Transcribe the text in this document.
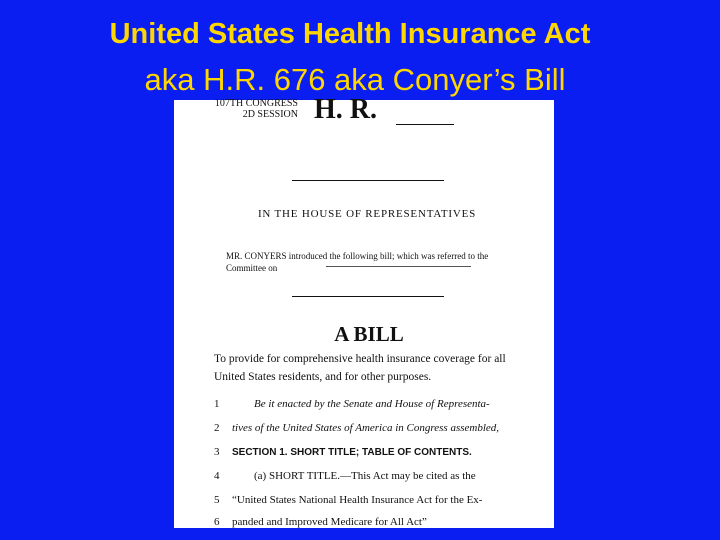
United States Health Insurance Act
aka H.R. 676 aka Conyer’s Bill
107TH CONGRESS
2D SESSION H. R.
IN THE HOUSE OF REPRESENTATIVES
MR. CONYERS introduced the following bill; which was referred to the Committee on
A BILL
To provide for comprehensive health insurance coverage for all United States residents, and for other purposes.
1	Be it enacted by the Senate and House of Representa-
2 tives of the United States of America in Congress assembled,
3 SECTION 1. SHORT TITLE; TABLE OF CONTENTS.
4	(a) SHORT TITLE.—This Act may be cited as the
5 “United States National Health Insurance Act for the Ex-
6 panded and Improved Medicare for All Act”
